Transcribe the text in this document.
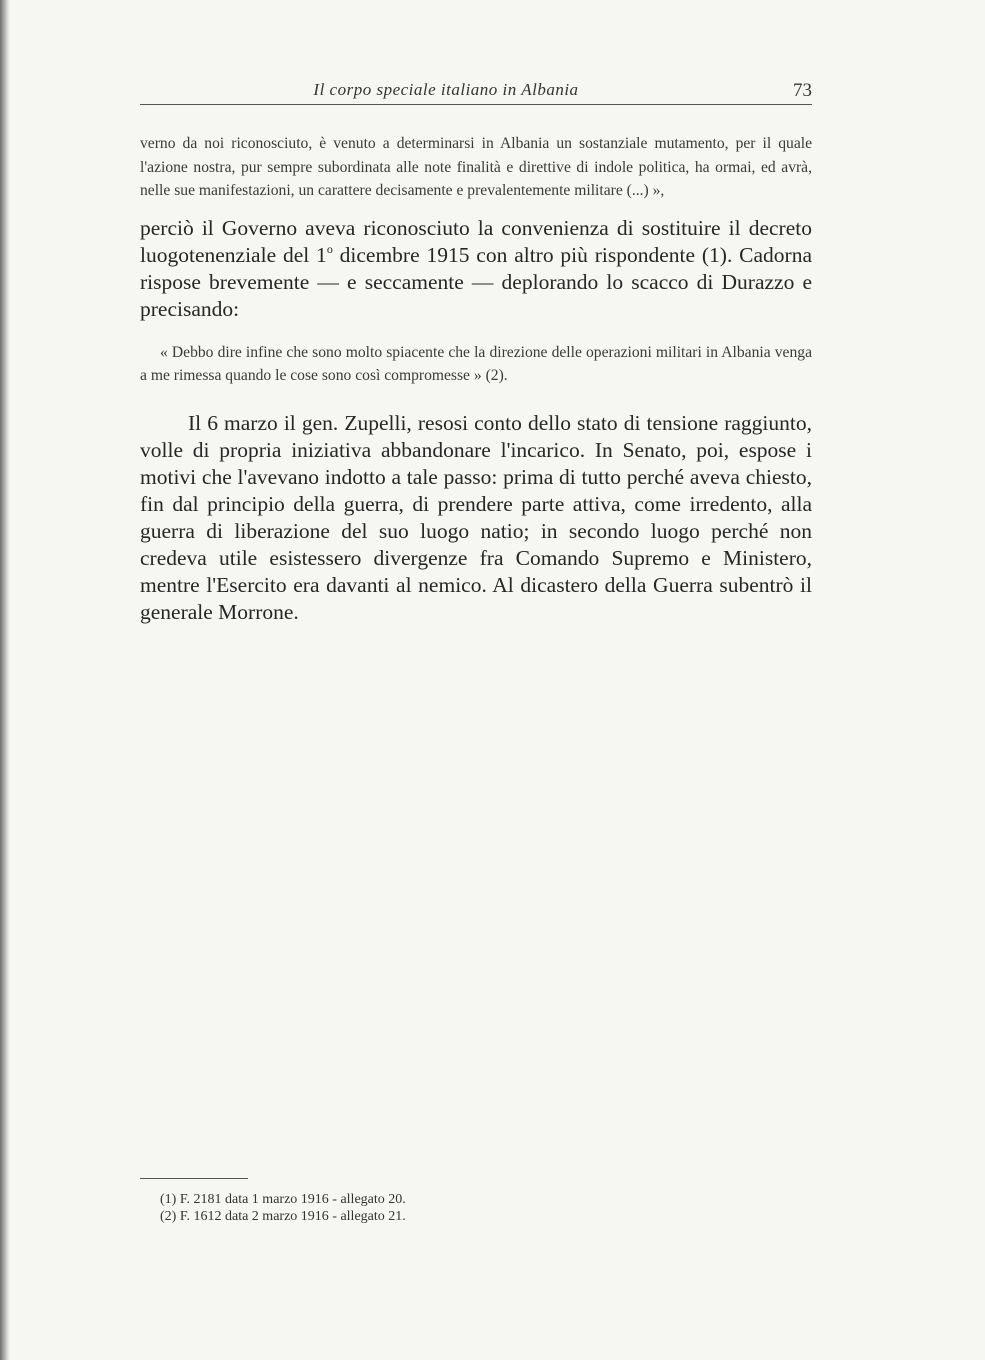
Il corpo speciale italiano in Albania	73

verno da noi riconosciuto, è venuto a determinarsi in Albania un sostanziale mutamento, per il quale l'azione nostra, pur sempre subordinata alle note finalità e direttive di indole politica, ha ormai, ed avrà, nelle sue manifestazioni, un carattere decisamente e prevalentemente militare (...) »,

perciò il Governo aveva riconosciuto la convenienza di sostituire il decreto luogotenenziale del 1$^o$ dicembre 1915 con altro più rispondente (1). Cadorna rispose brevemente — e seccamente — deplorando lo scacco di Durazzo e precisando:

« Debbo dire infine che sono molto spiacente che la direzione delle operazioni militari in Albania venga a me rimessa quando le cose sono così compromesse » (2).

Il 6 marzo il gen. Zupelli, resosi conto dello stato di tensione raggiunto, volle di propria iniziativa abbandonare l'incarico. In Senato, poi, espose i motivi che l'avevano indotto a tale passo: prima di tutto perché aveva chiesto, fin dal principio della guerra, di prendere parte attiva, come irredento, alla guerra di liberazione del suo luogo natio; in secondo luogo perché non credeva utile esistessero divergenze fra Comando Supremo e Ministero, mentre l'Esercito era davanti al nemico. Al dicastero della Guerra subentrò il generale Morrone.

(1) F. 2181 data 1 marzo 1916 - allegato 20.

(2) F. 1612 data 2 marzo 1916 - allegato 21.
